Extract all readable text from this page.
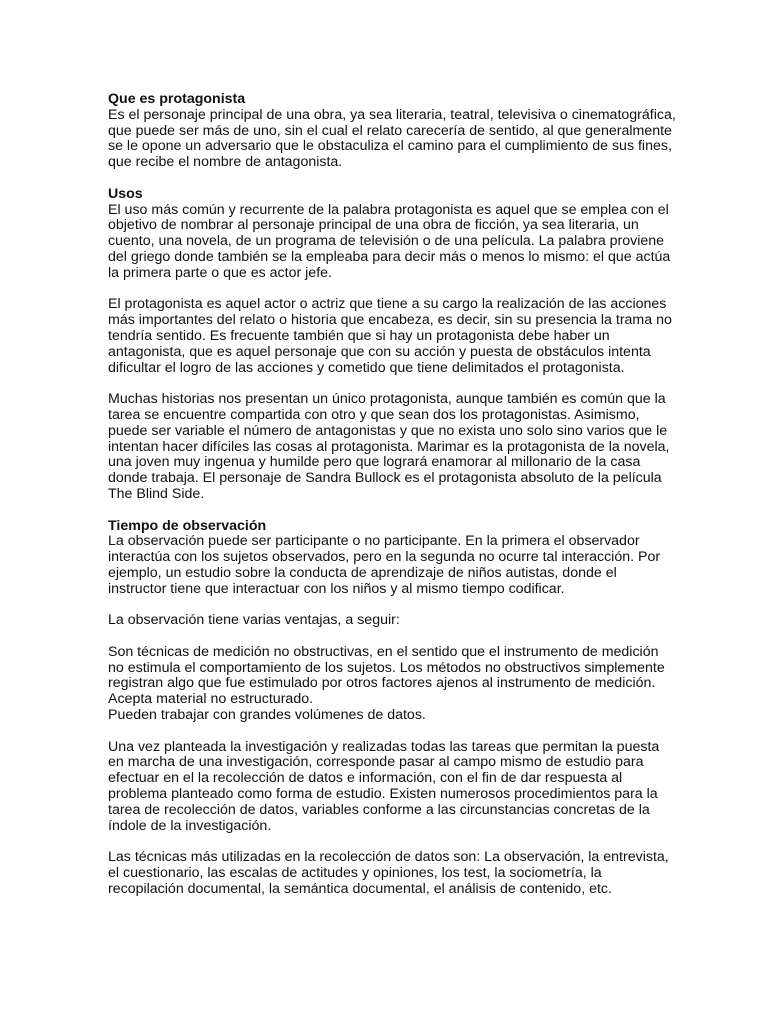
Que es protagonista
Es el personaje principal de una obra, ya sea literaria, teatral, televisiva o cinematográfica,
que puede ser más de uno, sin el cual el relato carecería de sentido, al que generalmente
se le opone un adversario que le obstaculiza el camino para el cumplimiento de sus fines,
que recibe el nombre de antagonista.
Usos
El uso más común y recurrente de la palabra protagonista es aquel que se emplea con el
objetivo de nombrar al personaje principal de una obra de ficción, ya sea literaria, un
cuento, una novela, de un programa de televisión o de una película. La palabra proviene
del griego donde también se la empleaba para decir más o menos lo mismo: el que actúa
la primera parte o que es actor jefe.
El protagonista es aquel actor o actriz que tiene a su cargo la realización de las acciones
más importantes del relato o historia que encabeza, es decir, sin su presencia la trama no
tendría sentido. Es frecuente también que si hay un protagonista debe haber un
antagonista, que es aquel personaje que con su acción y puesta de obstáculos intenta
dificultar el logro de las acciones y cometido que tiene delimitados el protagonista.
Muchas historias nos presentan un único protagonista, aunque también es común que la
tarea se encuentre compartida con otro y que sean dos los protagonistas. Asimismo,
puede ser variable el número de antagonistas y que no exista uno solo sino varios que le
intentan hacer difíciles las cosas al protagonista. Marimar es la protagonista de la novela,
una joven muy ingenua y humilde pero que logrará enamorar al millonario de la casa
donde trabaja. El personaje de Sandra Bullock es el protagonista absoluto de la película
The Blind Side.
Tiempo de observación
La observación puede ser participante o no participante. En la primera el observador
interactúa con los sujetos observados, pero en la segunda no ocurre tal interacción. Por
ejemplo, un estudio sobre la conducta de aprendizaje de niños autistas, donde el
instructor tiene que interactuar con los niños y al mismo tiempo codificar.
La observación tiene varias ventajas, a seguir:
Son técnicas de medición no obstructivas, en el sentido que el instrumento de medición
no estimula el comportamiento de los sujetos. Los métodos no obstructivos simplemente
registran algo que fue estimulado por otros factores ajenos al instrumento de medición.
Acepta material no estructurado.
Pueden trabajar con grandes volúmenes de datos.
Una vez planteada la investigación y realizadas todas las tareas que permitan la puesta
en marcha de una investigación, corresponde pasar al campo mismo de estudio para
efectuar en el la recolección de datos e información, con el fin de dar respuesta al
problema planteado como forma de estudio. Existen numerosos procedimientos para la
tarea de recolección de datos, variables conforme a las circunstancias concretas de la
índole de la investigación.
Las técnicas más utilizadas en la recolección de datos son: La observación, la entrevista,
el cuestionario, las escalas de actitudes y opiniones, los test, la sociometría, la
recopilación documental, la semántica documental, el análisis de contenido, etc.
